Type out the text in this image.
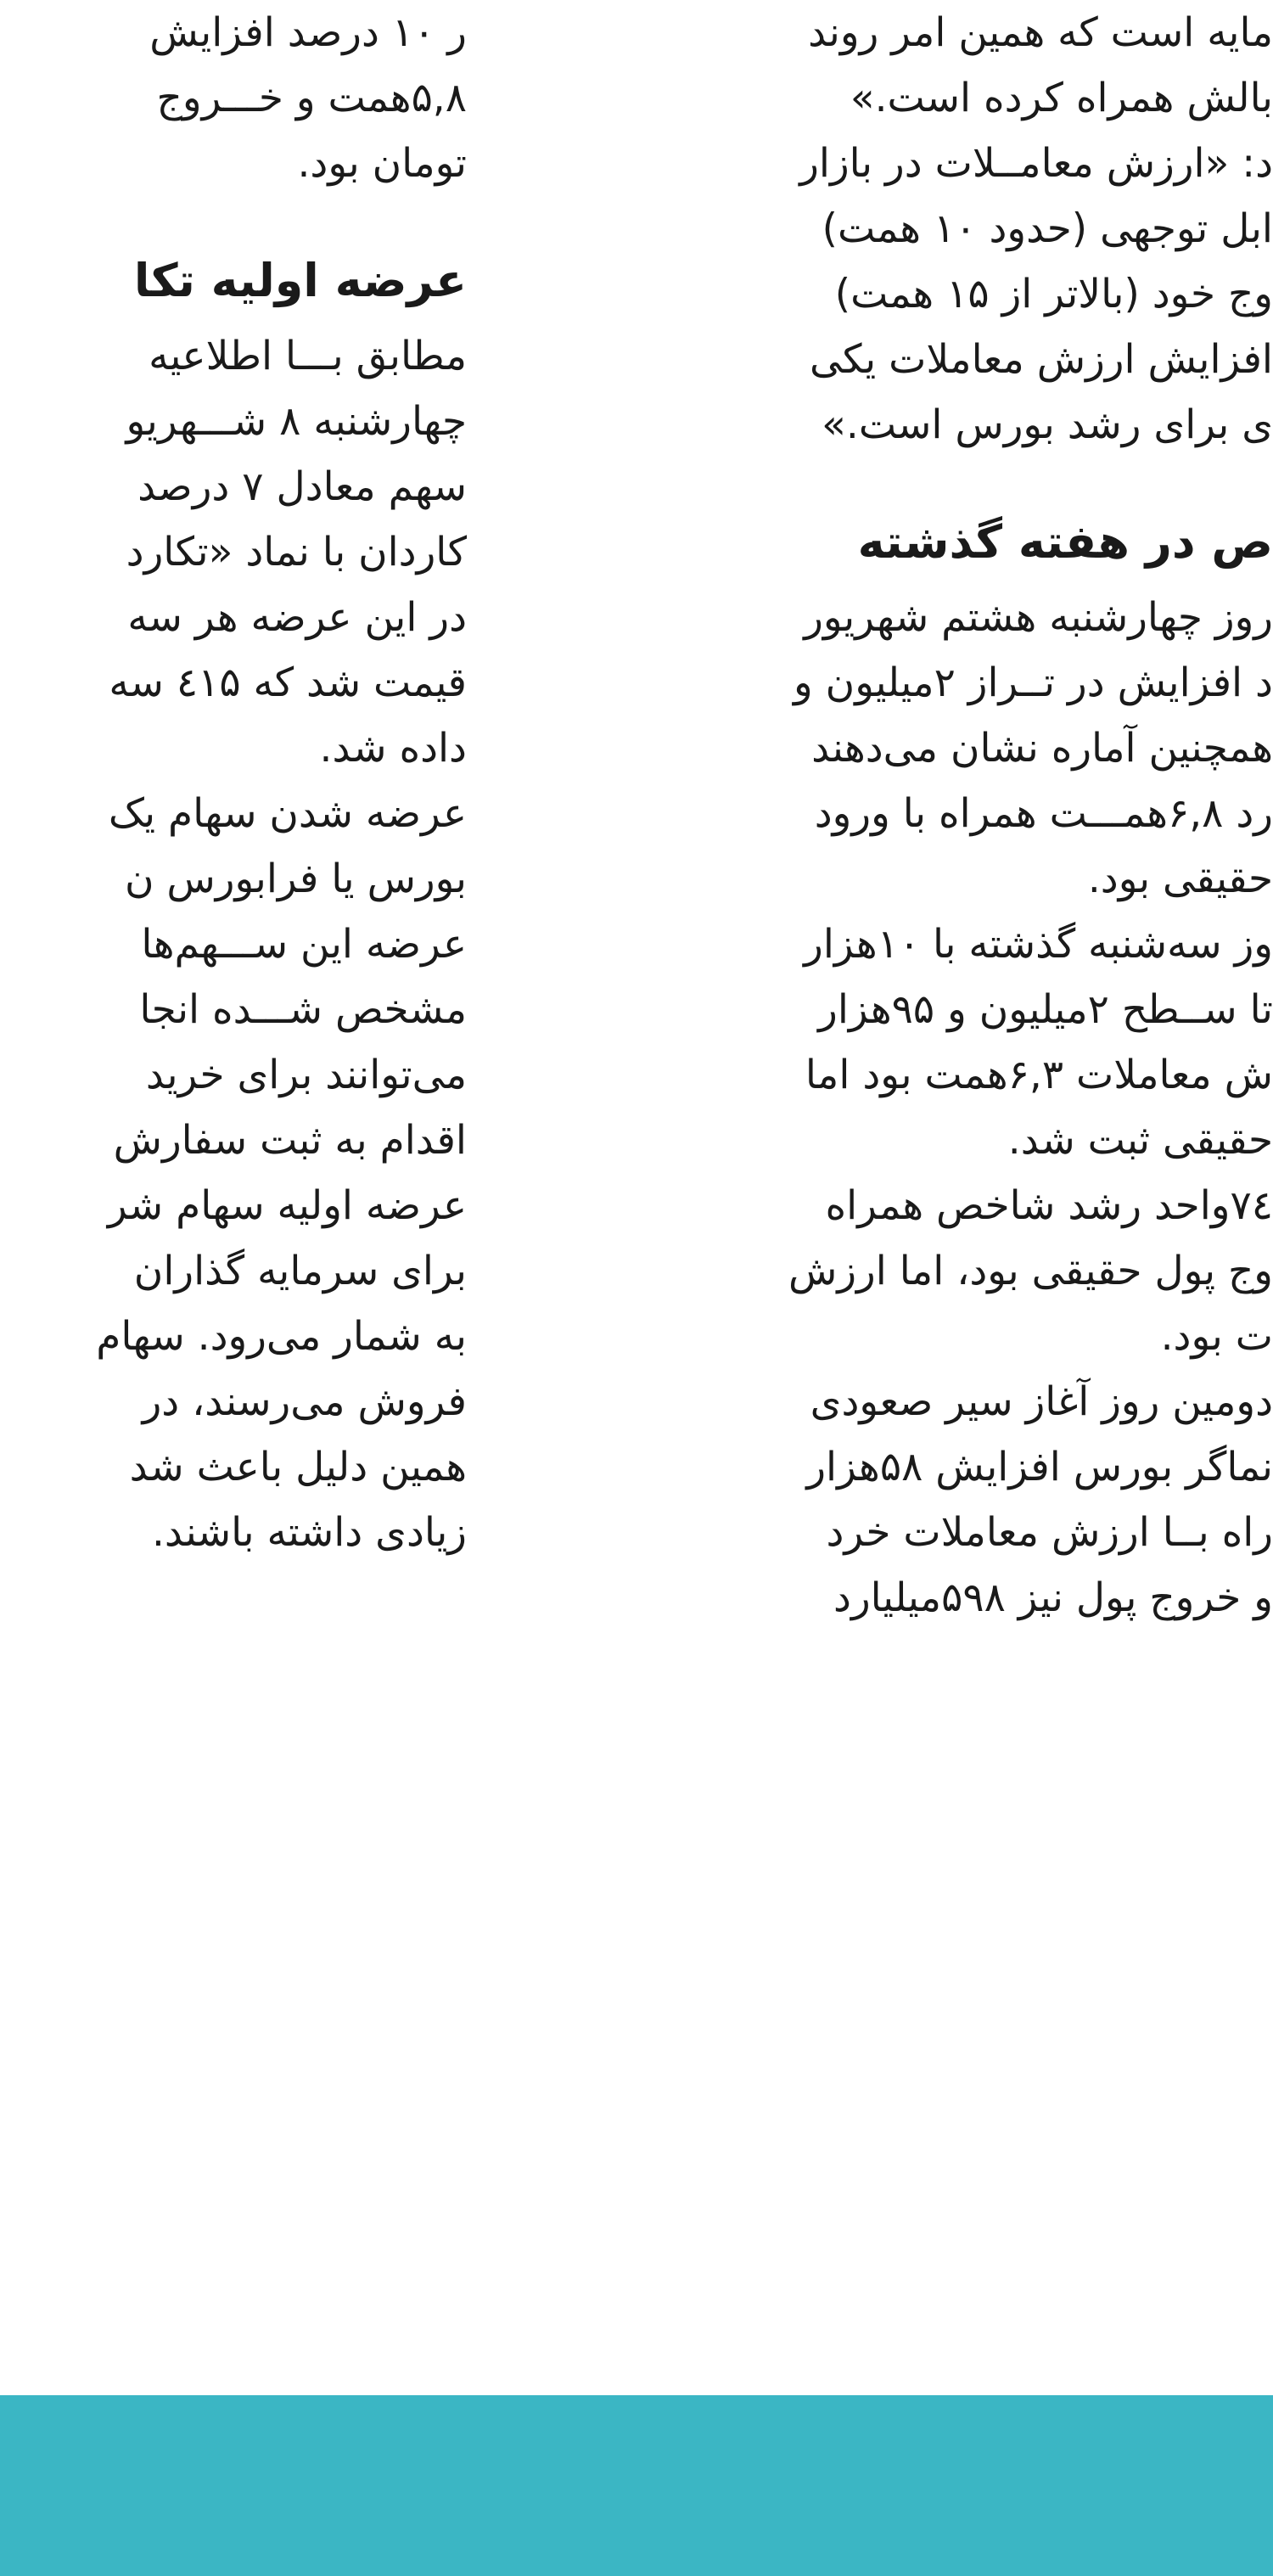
مایه است که همین امر روند
بالش همراه کرده است.»
د: «ارزش معامــلات در بازار
ابل توجهی (حدود ۱۰ همت)
وج خود (بالاتر از ۱۵ همت)
افزایش ارزش معاملات یکی
ی برای رشد بورس است.»
ص در هفته گذشته
روز چهارشنبه هشتم شهریور
د افزایش در تــراز ۲میلیون و
همچنین آماره نشان می‌دهند
رد ۶,۸همـــت همراه با ورود
حقیقی بود.
وز سه‌شنبه گذشته با ۱۰هزار
تا ســطح ۲میلیون و ۹۵هزار
ش معاملات ۶,۳همت بود اما
حقیقی ثبت شد.
۷٤واحد رشد شاخص همراه
وج پول حقیقی بود، اما ارزش
ت بود.
دومین روز آغاز سیر صعودی
نماگر بورس افزایش ۵۸هزار
راه بــا ارزش معاملات خرد
و خروج پول نیز ۵۹۸میلیارد
ر ۱۰ درصد افزایش
۵,۸همت و خـــروج
تومان بود.
عرضه اولیه تکا
مطابق بـــا اطلاعیه
چهارشنبه ۸ شـــهریو
سهم معادل ۷ درصد
کاردان با نماد «تکارد
در این عرضه هر سه
قیمت شد که ٤۱۵ سه
داده شد.
عرضه شدن سهام یک
بورس یا فرابورس ن
عرضه این ســـهم‌ها
مشخص شـــده انجا
می‌توانند برای خرید
اقدام به ثبت سفارش
عرضه اولیه سهام شر
برای سرمایه گذاران
به شمار می‌رود. سهام
فروش می‌رسند، در
همین دلیل باعث شد
زیادی داشته باشند.
